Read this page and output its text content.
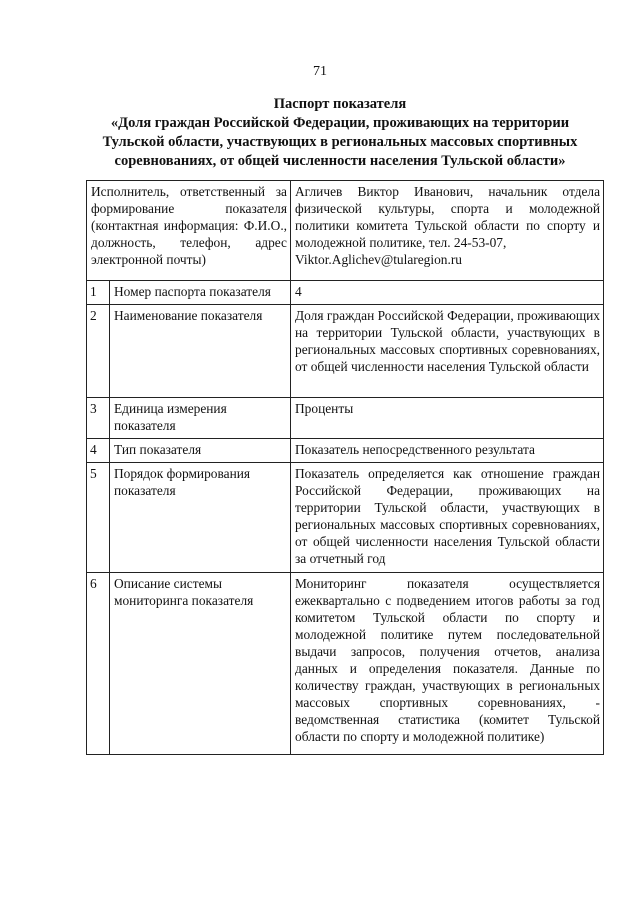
71
Паспорт показателя
«Доля граждан Российской Федерации, проживающих на территории
Тульской области, участвующих в региональных массовых спортивных
соревнованиях, от общей численности населения Тульской области»
Исполнитель, ответственный за формирование показателя (контактная информация: Ф.И.О., должность, телефон, адрес электронной почты)		Агличев Виктор Иванович, начальник отдела физической культуры, спорта и молодежной политики комитета Тульской области по спорту и молодежной политике, тел. 24-53-07,
Viktor.Aglichev@tularegion.ru
1	Номер паспорта показателя	4
2	Наименование показателя	Доля граждан Российской Федерации, проживающих на территории Тульской области, участвующих в региональных массовых спортивных соревнованиях, от общей численности населения Тульской области
3	Единица измерения показателя	Проценты
4	Тип показателя	Показатель непосредственного результата
5	Порядок формирования показателя	Показатель определяется как отношение граждан Российской Федерации, проживающих на территории Тульской области, участвующих в региональных массовых спортивных соревнованиях, от общей численности населения Тульской области за отчетный год
6	Описание системы мониторинга показателя	Мониторинг показателя осуществляется ежеквартально с подведением итогов работы за год комитетом Тульской области по спорту и молодежной политике путем последовательной выдачи запросов, получения отчетов, анализа данных и определения показателя. Данные по количеству граждан, участвующих в региональных массовых спортивных соревнованиях, - ведомственная статистика (комитет Тульской области по спорту и молодежной политике)
